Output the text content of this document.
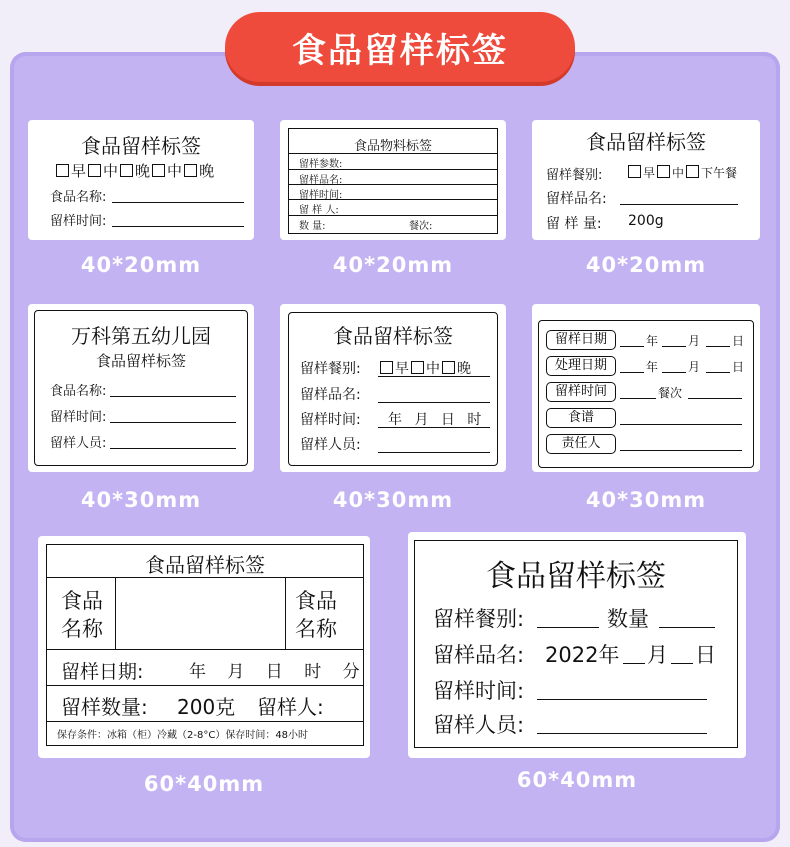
食品留样标签
食品留样标签
早 中 晚 中 晚
食品名称:
留样时间:
40*20mm
食品物料标签
留样参数:
留样品名:
留样时间:
留 样 人:
数 量:	餐次:
40*20mm
食品留样标签
留样餐别:	早 中 下午餐
留样品名:
留 样 量: 200g
40*20mm
万科第五幼儿园
食品留样标签
食品名称:
留样时间:
留样人员:
40*30mm
食品留样标签
留样餐别:	早 中 晚
留样品名:
留样时间: 年 月 日 时
留样人员:
40*30mm
留样日期	年 月	日
处理日期	年 月	日
留样时间	餐次
食谱
责任人
40*30mm
食品留样标签
食品
名称
食品
名称
留样日期:	年 月 日 时 分
留样数量: 200克 留样人:
保存条件：冰箱（柜）冷藏（2-8°C）保存时间：48小时
60*40mm
食品留样标签
留样餐别:	数量
留样品名: 2022年 月 日
留样时间:
留样人员:
60*40mm
